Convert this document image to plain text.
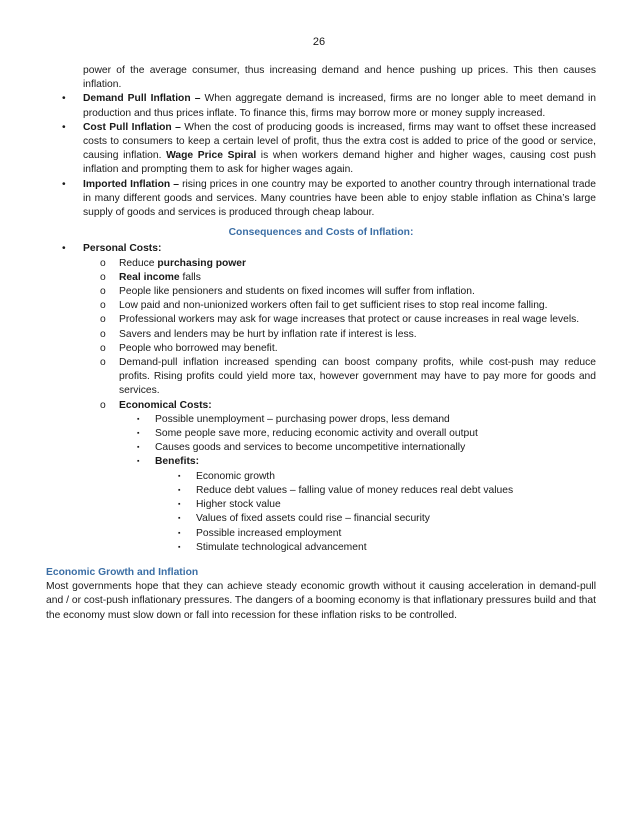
26
power of the average consumer, thus increasing demand and hence pushing up prices. This then causes inflation.
• Demand Pull Inflation – When aggregate demand is increased, firms are no longer able to meet demand in production and thus prices inflate. To finance this, firms may borrow more or money supply increased.
• Cost Pull Inflation – When the cost of producing goods is increased, firms may want to offset these increased costs to consumers to keep a certain level of profit, thus the extra cost is added to price of the good or service, causing inflation. Wage Price Spiral is when workers demand higher and higher wages, causing cost push inflation and prompting them to ask for higher wages again.
• Imported Inflation – rising prices in one country may be exported to another country through international trade in many different goods and services. Many countries have been able to enjoy stable inflation as China’s large supply of goods and services is produced through cheap labour.
Consequences and Costs of Inflation:
• Personal Costs:
o Reduce purchasing power
o Real income falls
o People like pensioners and students on fixed incomes will suffer from inflation.
o Low paid and non-unionized workers often fail to get sufficient rises to stop real income falling.
o Professional workers may ask for wage increases that protect or cause increases in real wage levels.
o Savers and lenders may be hurt by inflation rate if interest is less.
o People who borrowed may benefit.
o Demand-pull inflation increased spending can boost company profits, while cost-push may reduce profits. Rising profits could yield more tax, however government may have to pay more for goods and services.
o Economical Costs:
▪ Possible unemployment – purchasing power drops, less demand
▪ Some people save more, reducing economic activity and overall output
▪ Causes goods and services to become uncompetitive internationally
▪ Benefits:
▪ Economic growth
▪ Reduce debt values – falling value of money reduces real debt values
▪ Higher stock value
▪ Values of fixed assets could rise – financial security
▪ Possible increased employment
▪ Stimulate technological advancement
Economic Growth and Inflation
Most governments hope that they can achieve steady economic growth without it causing acceleration in demand-pull and / or cost-push inflationary pressures. The dangers of a booming economy is that inflationary pressures build and that the economy must slow down or fall into recession for these inflation risks to be controlled.
